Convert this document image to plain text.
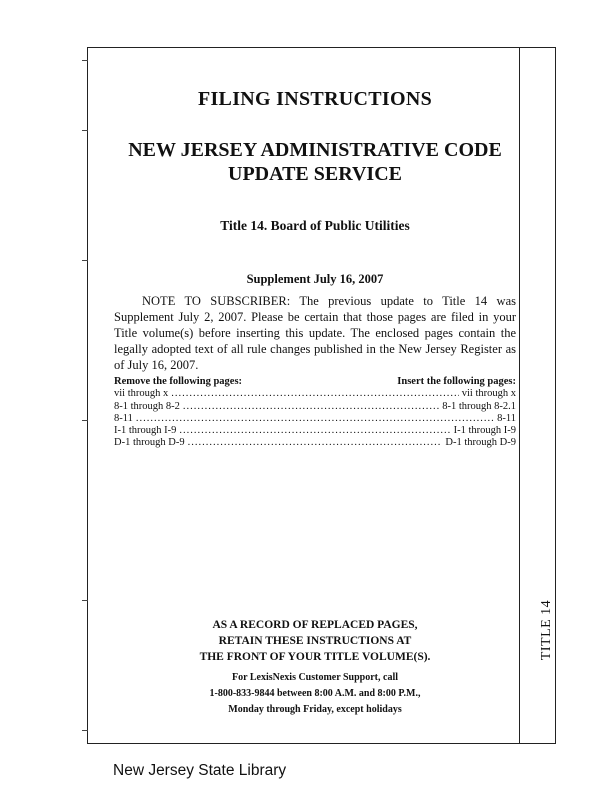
FILING INSTRUCTIONS
NEW JERSEY ADMINISTRATIVE CODE
UPDATE SERVICE
Title 14. Board of Public Utilities
Supplement July 16, 2007
NOTE TO SUBSCRIBER: The previous update to Title 14 was Supplement July 2, 2007. Please be certain that those pages are filed in your Title volume(s) before inserting this update. The enclosed pages contain the legally adopted text of all rule changes published in the New Jersey Register as of July 16, 2007.
Remove the following pages:	Insert the following pages:
vii through x .....	vii through x
8-1 through 8-2 .....	8-1 through 8-2.1
8-11 .....	8-11
I-1 through I-9 .....	I-1 through I-9
D-1 through D-9 .....	D-1 through D-9
AS A RECORD OF REPLACED PAGES,
RETAIN THESE INSTRUCTIONS AT
THE FRONT OF YOUR TITLE VOLUME(S).
For LexisNexis Customer Support, call
1-800-833-9844 between 8:00 A.M. and 8:00 P.M.,
Monday through Friday, except holidays
TITLE 14
New Jersey State Library
